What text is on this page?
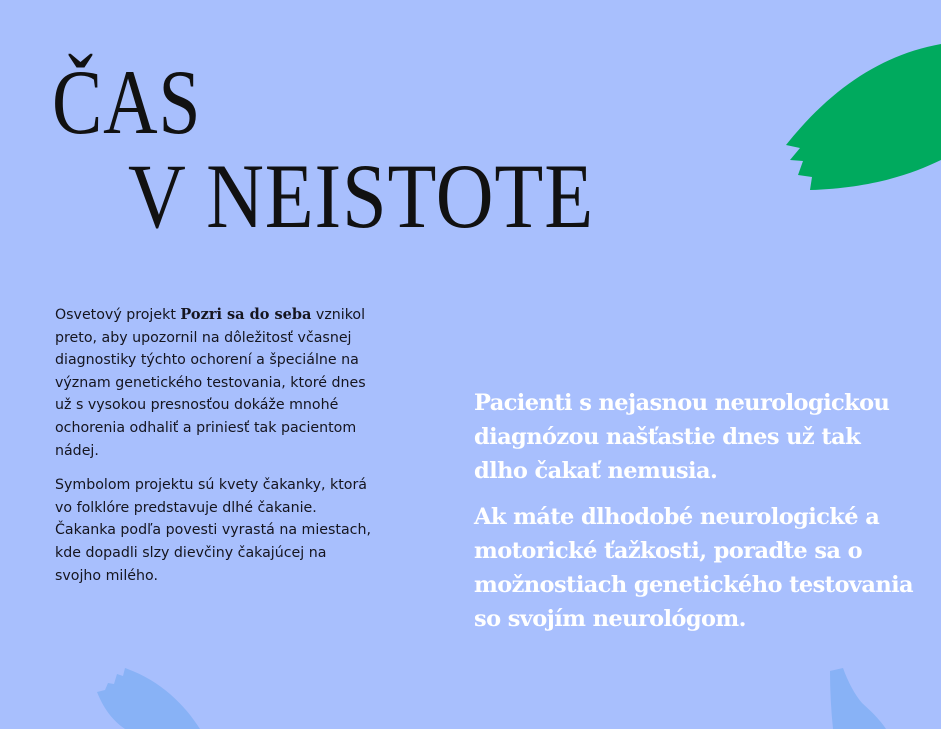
ČAS
V NEISTOTE

Osvetový projekt Pozri sa do seba vznikol preto, aby upozornil na dôležitosť včasnej diagnostiky týchto ochorení a špeciálne na význam genetického testovania, ktoré dnes už s vysokou presnosťou dokáže mnohé ochorenia odhaliť a priniesť tak pacientom nádej.

Symbolom projektu sú kvety čakanky, ktorá vo folklóre predstavuje dlhé čakanie. Čakanka podľa povesti vyrastá na miestach, kde dopadli slzy dievčiny čakajúcej na svojho milého.

Pacienti s nejasnou neurologickou diagnózou našťastie dnes už tak dlho čakať nemusia.

Ak máte dlhodobé neurologické a motorické ťažkosti, poraďte sa o možnostiach genetického testovania so svojím neurológom.
